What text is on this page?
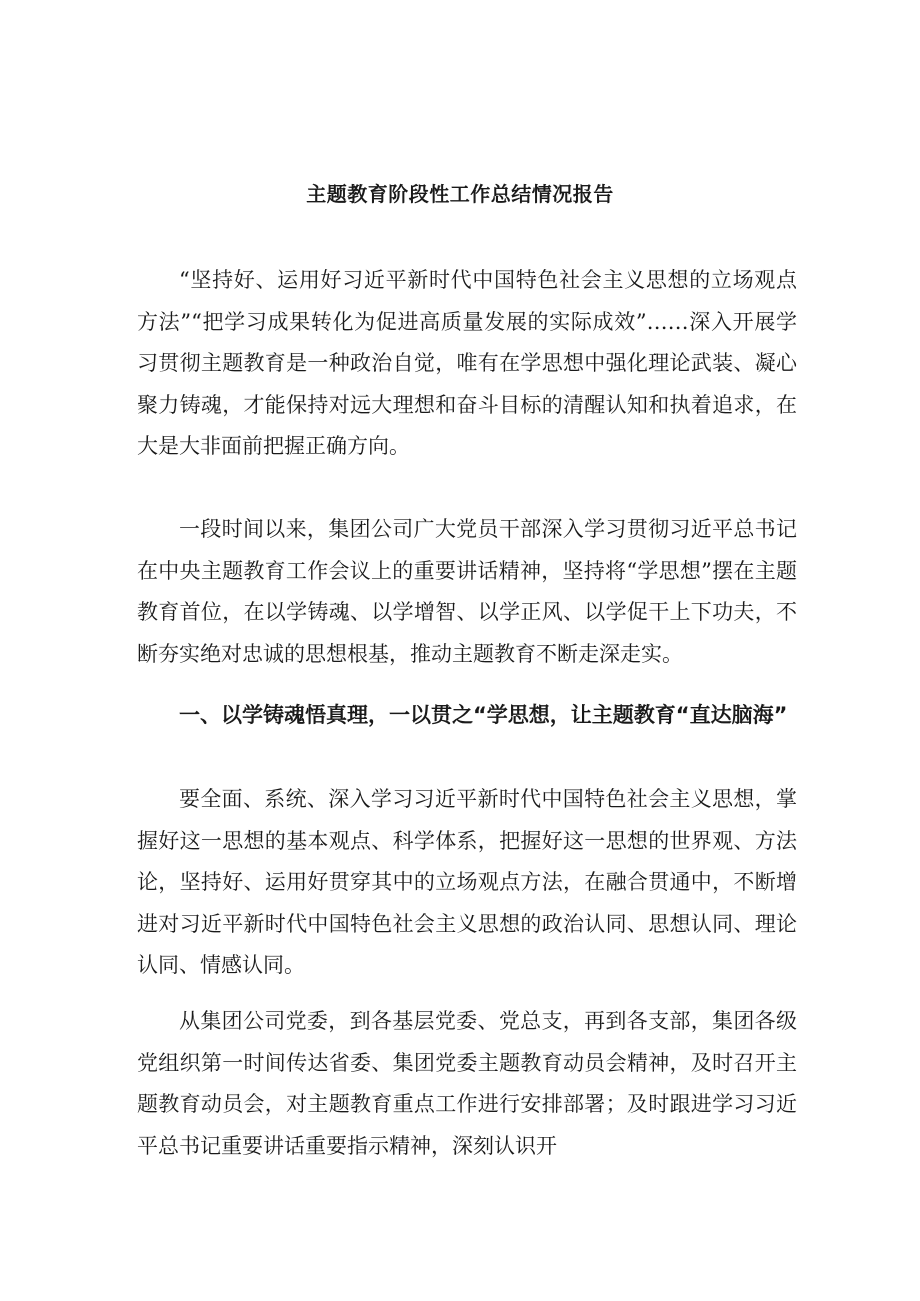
主题教育阶段性工作总结情况报告

“坚持好、运用好习近平新时代中国特色社会主义思想的立场观点方法”“把学习成果转化为促进高质量发展的实际成效”……深入开展学习贯彻主题教育是一种政治自觉，唯有在学思想中强化理论武装、凝心聚力铸魂，才能保持对远大理想和奋斗目标的清醒认知和执着追求，在大是大非面前把握正确方向。

一段时间以来，集团公司广大党员干部深入学习贯彻习近平总书记在中央主题教育工作会议上的重要讲话精神，坚持将“学思想”摆在主题教育首位，在以学铸魂、以学增智、以学正风、以学促干上下功夫，不断夯实绝对忠诚的思想根基，推动主题教育不断走深走实。

一、以学铸魂悟真理，一以贯之“学思想，让主题教育“直达脑海”

要全面、系统、深入学习习近平新时代中国特色社会主义思想，掌握好这一思想的基本观点、科学体系，把握好这一思想的世界观、方法论，坚持好、运用好贯穿其中的立场观点方法，在融合贯通中，不断增进对习近平新时代中国特色社会主义思想的政治认同、思想认同、理论认同、情感认同。

从集团公司党委，到各基层党委、党总支，再到各支部，集团各级党组织第一时间传达省委、集团党委主题教育动员会精神，及时召开主题教育动员会，对主题教育重点工作进行安排部署；及时跟进学习习近平总书记重要讲话重要指示精神，深刻认识开
